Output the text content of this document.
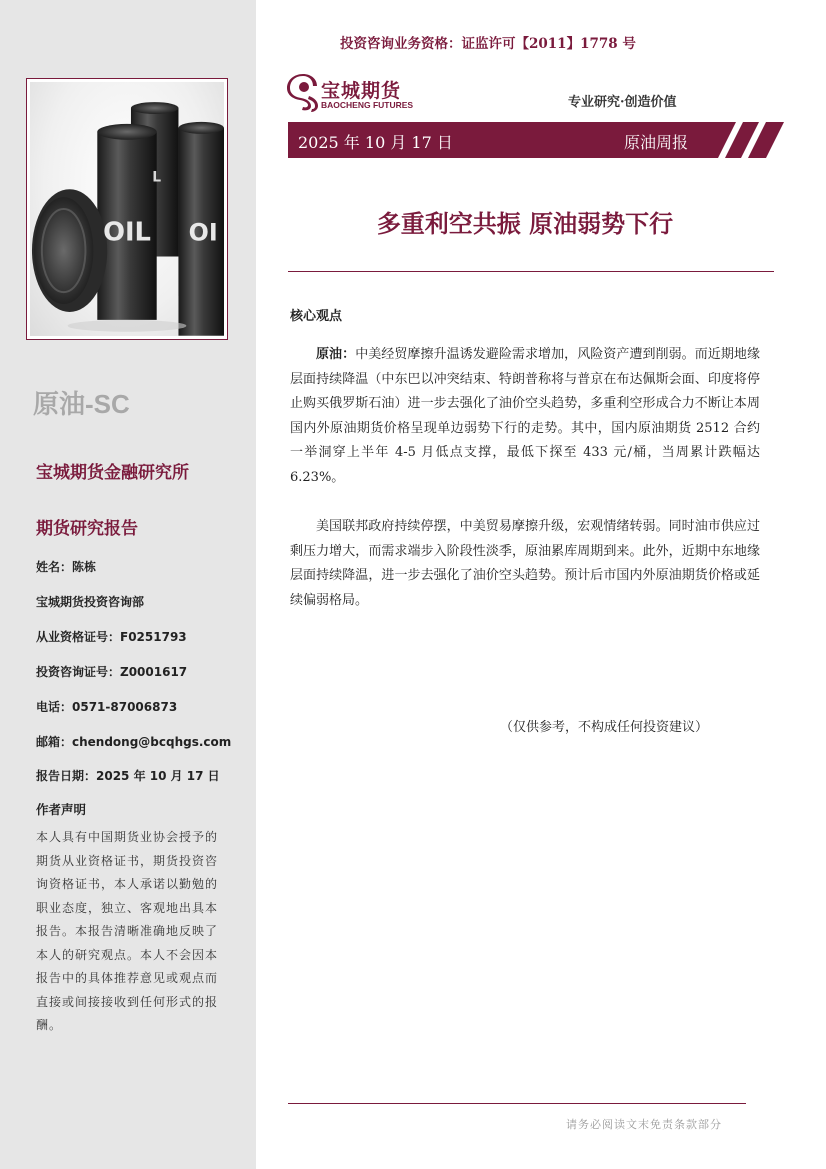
OIL OI
L
原油-SC
宝城期货金融研究所
期货研究报告
姓名：陈栋
宝城期货投资咨询部
从业资格证号：F0251793
投资咨询证号：Z0001617
电话：0571-87006873
邮箱：chendong@bcqhgs.com
报告日期：2025 年 10 月 17 日
作者声明
本人具有中国期货业协会授予的期货从业资格证书，期货投资咨询资格证书，本人承诺以勤勉的职业态度，独立、客观地出具本报告。本报告清晰准确地反映了本人的研究观点。本人不会因本报告中的具体推荐意见或观点而直接或间接接收到任何形式的报酬。
投资咨询业务资格：证监许可【2011】1778 号
宝城期货
BAOCHENG FUTURES	专业研究·创造价值
2025 年 10 月 17 日	原油周报
多重利空共振 原油弱势下行
核心观点

原油：中美经贸摩擦升温诱发避险需求增加，风险资产遭到削弱。而近期地缘层面持续降温（中东巴以冲突结束、特朗普称将与普京在布达佩斯会面、印度将停止购买俄罗斯石油）进一步去强化了油价空头趋势，多重利空形成合力不断让本周国内外原油期货价格呈现单边弱势下行的走势。其中，国内原油期货 2512 合约一举洞穿上半年 4-5 月低点支撑，最低下探至 433 元/桶，当周累计跌幅达 6.23%。

美国联邦政府持续停摆，中美贸易摩擦升级，宏观情绪转弱。同时油市供应过剩压力增大，而需求端步入阶段性淡季，原油累库周期到来。此外，近期中东地缘层面持续降温，进一步去强化了油价空头趋势。预计后市国内外原油期货价格或延续偏弱格局。

（仅供参考，不构成任何投资建议）
请务必阅读文末免责条款部分
